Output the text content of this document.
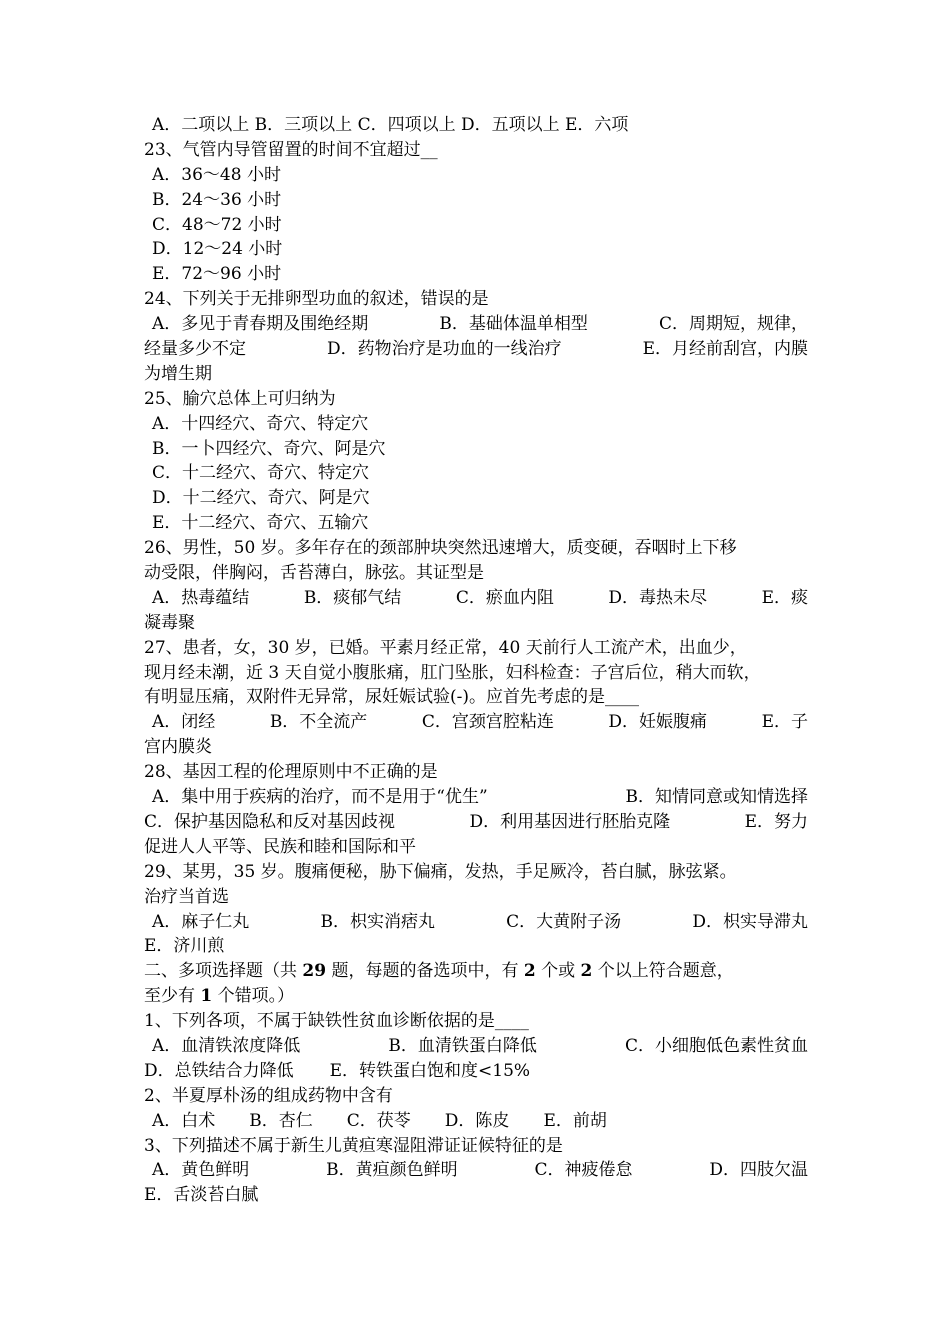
A．二项以上 B．三项以上 C．四项以上 D．五项以上 E．六项
23、气管内导管留置的时间不宜超过__
A．36～48 小时
B．24～36 小时
C．48～72 小时
D．12～24 小时
E．72～96 小时
24、下列关于无排卵型功血的叙述，错误的是
A．多见于青春期及围绝经期	B．基础体温单相型	C．周期短，规律，
经量多少不定	D．药物治疗是功血的一线治疗	E．月经前刮宫，内膜
为增生期
25、腧穴总体上可归纳为
A．十四经穴、奇穴、特定穴
B．一卜四经穴、奇穴、阿是穴
C．十二经穴、奇穴、特定穴
D．十二经穴、奇穴、阿是穴
E．十二经穴、奇穴、五输穴
26、男性，50 岁。多年存在的颈部肿块突然迅速增大，质变硬，吞咽时上下移
动受限，伴胸闷，舌苔薄白，脉弦。其证型是
A．热毒蕴结	B．痰郁气结	C．瘀血内阻	D．毒热未尽	E．痰
凝毒聚
27、患者，女，30 岁，已婚。平素月经正常，40 天前行人工流产术，出血少，
现月经未潮，近 3 天自觉小腹胀痛，肛门坠胀，妇科检查：子宫后位，稍大而软，
有明显压痛，双附件无异常，尿妊娠试验(-)。应首先考虑的是____
A．闭经	B．不全流产	C．宫颈宫腔粘连	D．妊娠腹痛	E．子
宫内膜炎
28、基因工程的伦理原则中不正确的是
A．集中用于疾病的治疗，而不是用于“优生”	B．知情同意或知情选择
C．保护基因隐私和反对基因歧视	D．利用基因进行胚胎克隆	E．努力
促进人人平等、民族和睦和国际和平
29、某男，35 岁。腹痛便秘，胁下偏痛，发热，手足厥冷，苔白腻，脉弦紧。
治疗当首选
A．麻子仁丸	B．枳实消痞丸	C．大黄附子汤	D．枳实导滞丸
E．济川煎
二、多项选择题（共 29 题，每题的备选项中，有 2 个或 2 个以上符合题意，
至少有 1 个错项。）
1、下列各项，不属于缺铁性贫血诊断依据的是____
A．血清铁浓度降低	B．血清铁蛋白降低	C．小细胞低色素性贫血
D．总铁结合力降低 E．转铁蛋白饱和度<15%
2、半夏厚朴汤的组成药物中含有
A．白术 B．杏仁 C．茯苓 D．陈皮 E．前胡
3、下列描述不属于新生儿黄疸寒湿阻滞证证候特征的是
A．黄色鲜明	B．黄疸颜色鲜明	C．神疲倦怠	D．四肢欠温
E．舌淡苔白腻
